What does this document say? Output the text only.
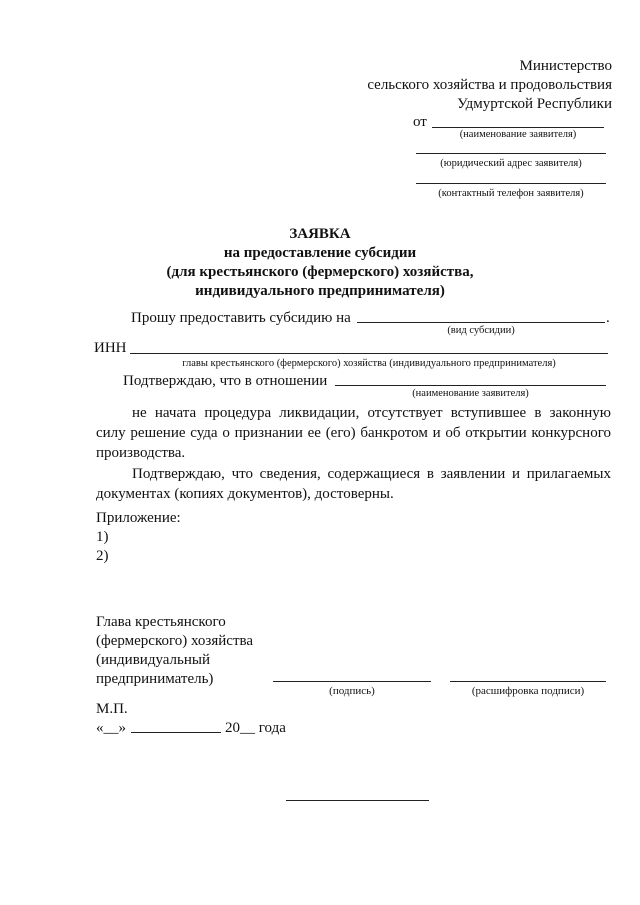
Министерство
сельского хозяйства и продовольствия
Удмуртской Республики
от
(наименование заявителя)
(юридический адрес заявителя)
(контактный телефон заявителя)
ЗАЯВКА
на предоставление субсидии
(для крестьянского (фермерского) хозяйства,
индивидуального предпринимателя)
Прошу предоставить субсидию на	.
(вид субсидии)
ИНН
главы крестьянского (фермерского) хозяйства (индивидуального предпринимателя)
Подтверждаю, что в отношении
(наименование заявителя)
не начата процедура ликвидации, отсутствует вступившее в законную силу решение суда о признании ее (его) банкротом и об открытии конкурсного производства.
Подтверждаю, что сведения, содержащиеся в заявлении и прилагаемых документах (копиях документов), достоверны.
Приложение:
1)
2)
Глава крестьянского
(фермерского) хозяйства
(индивидуальный
предприниматель)
(подпись)	(расшифровка подписи)
М.П.
«__»	20__ года
